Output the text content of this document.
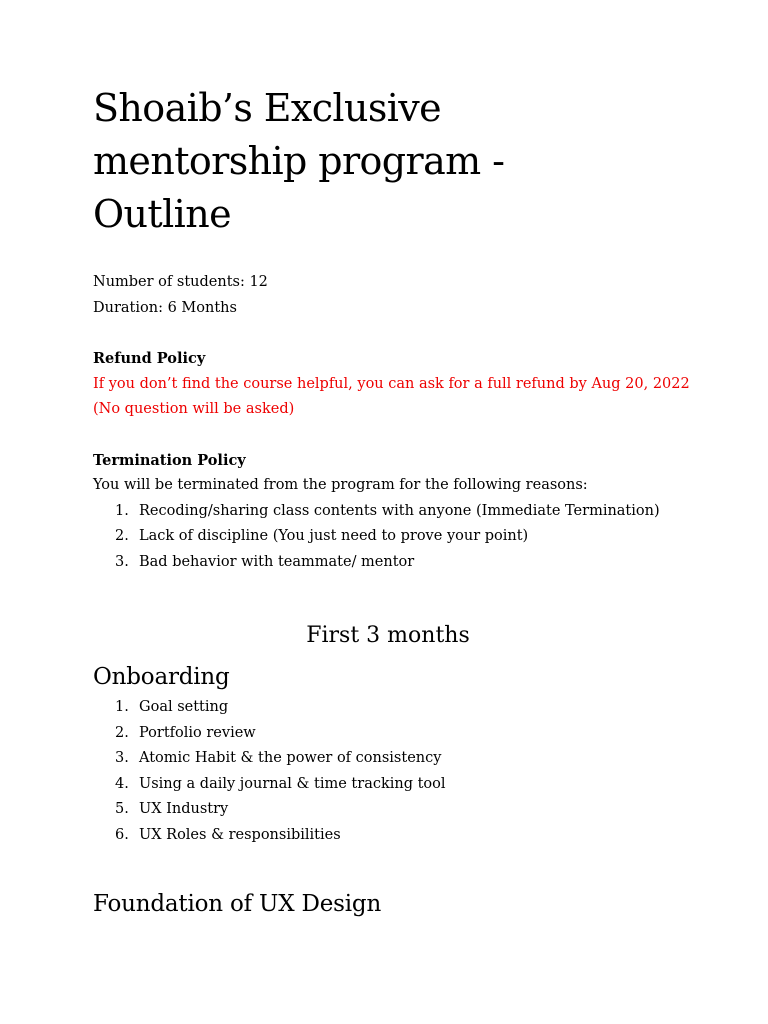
Shoaib’s Exclusive
mentorship program -
Outline
Number of students: 12
Duration: 6 Months
Refund Policy
If you don’t find the course helpful, you can ask for a full refund by Aug 20, 2022
(No question will be asked)
Termination Policy
You will be terminated from the program for the following reasons:
1. Recoding/sharing class contents with anyone (Immediate Termination)
2. Lack of discipline (You just need to prove your point)
3. Bad behavior with teammate/ mentor
First 3 months
Onboarding
1. Goal setting
2. Portfolio review
3. Atomic Habit & the power of consistency
4. Using a daily journal & time tracking tool
5. UX Industry
6. UX Roles & responsibilities
Foundation of UX Design
